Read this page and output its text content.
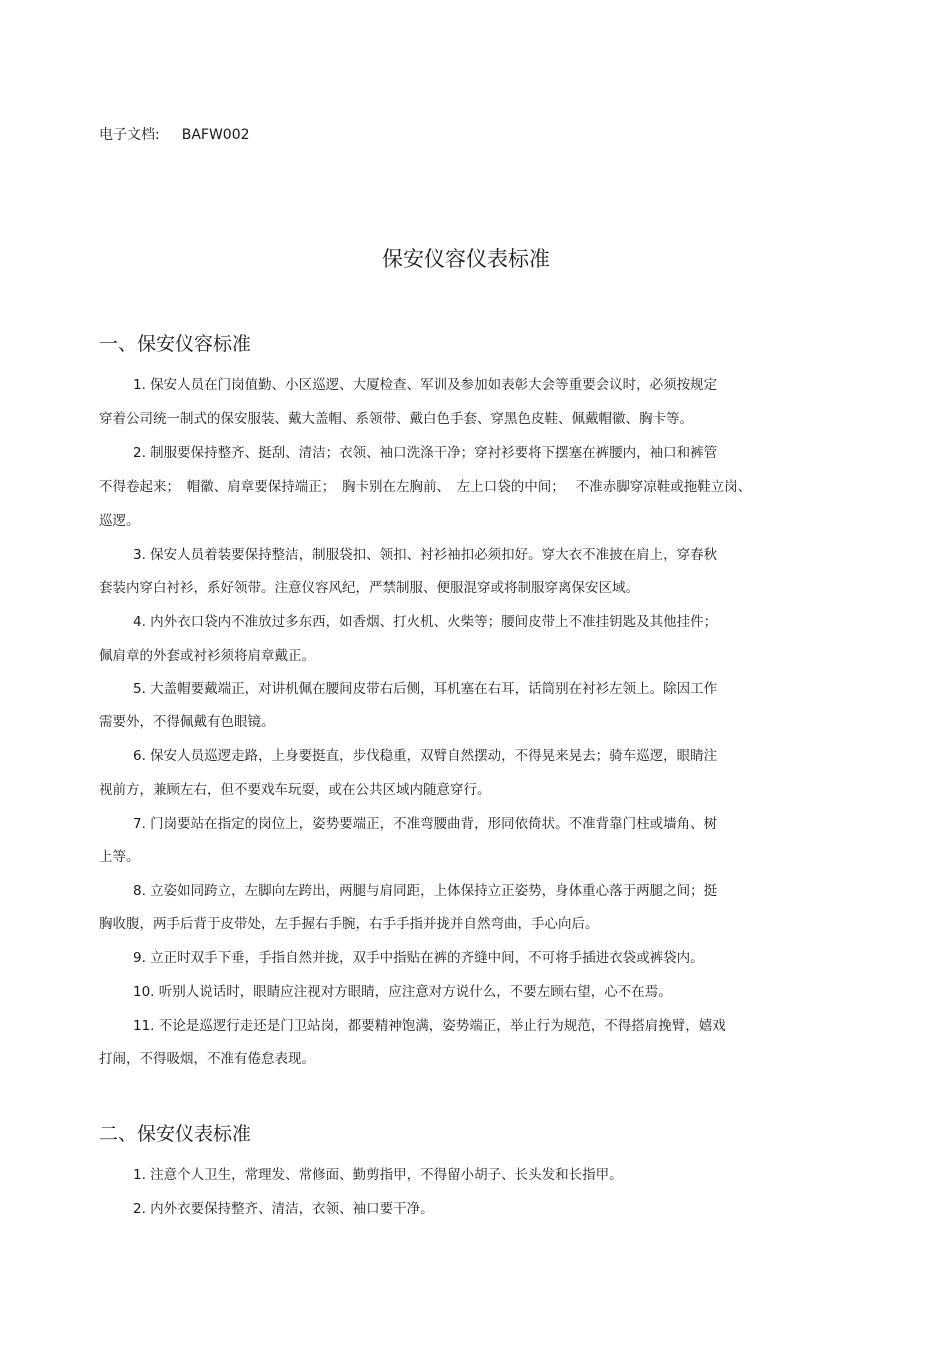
电子文档: BAFW002
保安仪容仪表标准
一、保安仪容标准
1. 保安人员在门岗值勤、小区巡逻、大厦检查、军训及参加如表彰大会等重要会议时，必须按规定
穿着公司统一制式的保安服装、戴大盖帽、系领带、戴白色手套、穿黑色皮鞋、佩戴帽徽、胸卡等。
2. 制服要保持整齐、挺刮、清洁；衣领、袖口洗涤干净；穿衬衫要将下摆塞在裤腰内，袖口和裤管
不得卷起来；　帽徽、肩章要保持端正；　胸卡别在左胸前、　左上口袋的中间；　 不准赤脚穿凉鞋或拖鞋立岗、
巡逻。
3. 保安人员着装要保持整洁，制服袋扣、领扣、衬衫袖扣必须扣好。穿大衣不准披在肩上，穿春秋
套装内穿白衬衫，系好领带。注意仪容风纪，严禁制服、便服混穿或将制服穿离保安区域。
4. 内外衣口袋内不准放过多东西，如香烟、打火机、火柴等；腰间皮带上不准挂钥匙及其他挂件；
佩肩章的外套或衬衫须将肩章戴正。
5. 大盖帽要戴端正，对讲机佩在腰间皮带右后侧，耳机塞在右耳，话筒别在衬衫左领上。除因工作
需要外，不得佩戴有色眼镜。
6. 保安人员巡逻走路，上身要挺直，步伐稳重，双臂自然摆动，不得晃来晃去；骑车巡逻，眼睛注
视前方，兼顾左右，但不要戏车玩耍，或在公共区域内随意穿行。
7. 门岗要站在指定的岗位上，姿势要端正，不准弯腰曲背，形同依倚状。不准背靠门柱或墙角、树
上等。
8. 立姿如同跨立，左脚向左跨出，两腿与肩同距，上体保持立正姿势，身体重心落于两腿之间；挺
胸收腹，两手后背于皮带处，左手握右手腕，右手手指并拢并自然弯曲，手心向后。
9. 立正时双手下垂，手指自然并拢，双手中指贴在裤的齐缝中间，不可将手插进衣袋或裤袋内。
10. 听别人说话时，眼睛应注视对方眼睛，应注意对方说什么，不要左顾右望，心不在焉。
11. 不论是巡逻行走还是门卫站岗，都要精神饱满，姿势端正，举止行为规范，不得搭肩挽臂，嬉戏
打闹，不得吸烟，不准有倦怠表现。
二、保安仪表标准
1. 注意个人卫生，常理发、常修面、勤剪指甲，不得留小胡子、长头发和长指甲。
2. 内外衣要保持整齐、清洁，衣领、袖口要干净。
